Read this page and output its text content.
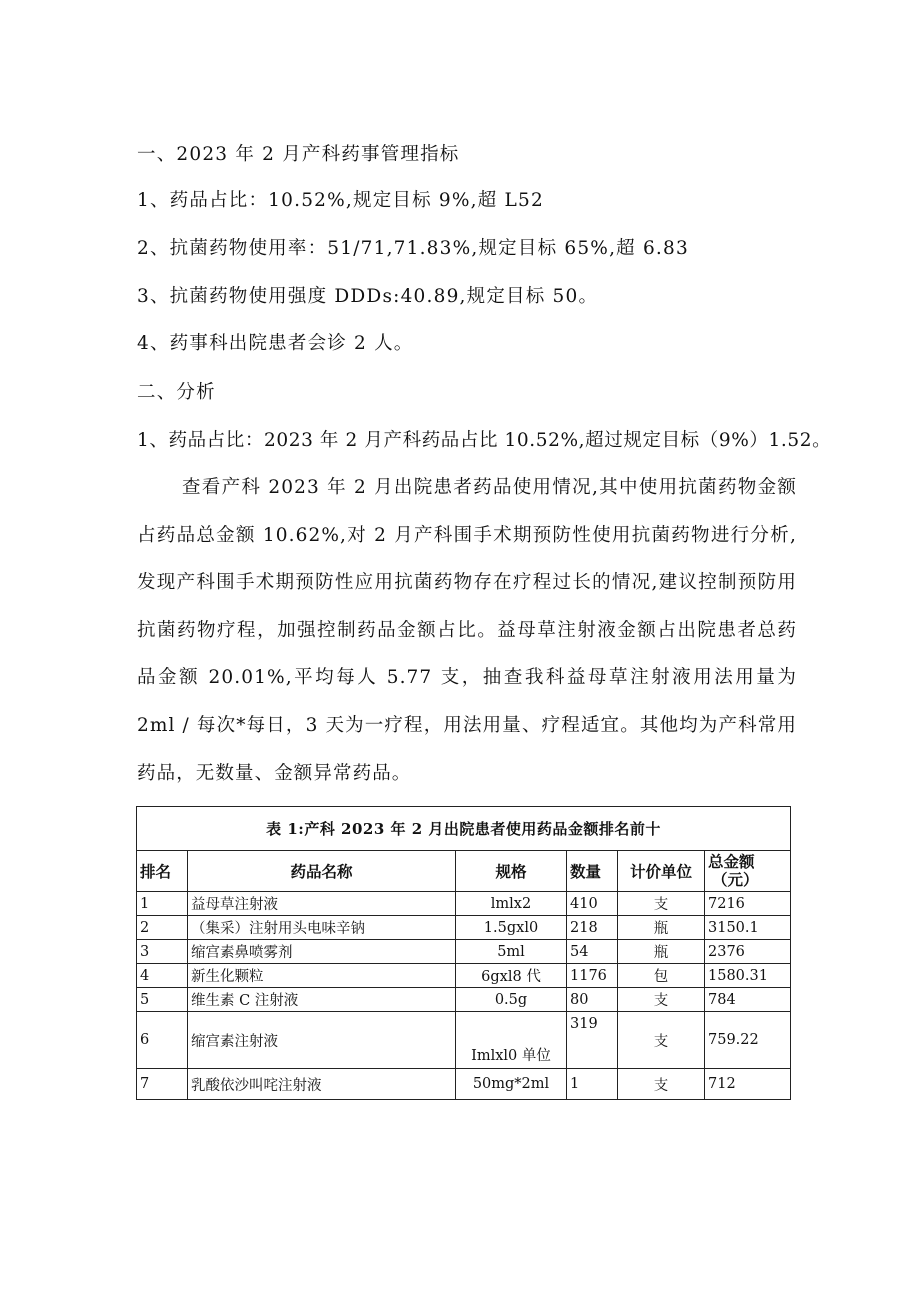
一、2023 年 2 月产科药事管理指标
1、药品占比：10.52%,规定目标 9%,超 L52
2、抗菌药物使用率：51/71,71.83%,规定目标 65%,超 6.83
3、抗菌药物使用强度 DDDs:40.89,规定目标 50。
4、药事科出院患者会诊 2 人。
二、分析
1、药品占比：2023 年 2 月产科药品占比 10.52%,超过规定目标（9%）1.52。

查看产科 2023 年 2 月出院患者药品使用情况,其中使用抗菌药物金额占药品总金额 10.62%,对 2 月产科围手术期预防性使用抗菌药物进行分析,发现产科围手术期预防性应用抗菌药物存在疗程过长的情况,建议控制预防用抗菌药物疗程，加强控制药品金额占比。益母草注射液金额占出院患者总药品金额 20.01%,平均每人 5.77 支，抽查我科益母草注射液用法用量为 2ml / 每次*每日，3 天为一疗程，用法用量、疗程适宜。其他均为产科常用药品，无数量、金额异常药品。

表 1:产科 2023 年 2 月出院患者使用药品金额排名前十					
排名	药品名称	规格	数量	计价单位	总金额
（元）

1	益母草注射液	lmlx2	410	支	7216
2	（集采）注射用头电味辛钠	1.5gxl0	218	瓶	3150.1
3	缩宫素鼻喷雾剂	5ml	54	瓶	2376
4	新生化颗粒	6gxl8 代	1176	包	1580.31
5	维生素 C 注射液	0.5g	80	支	784
6	缩宫素注射液	Imlxl0 单位	319	支	759.22
7	乳酸依沙叫咤注射液	50mg*2ml	1	支	712
